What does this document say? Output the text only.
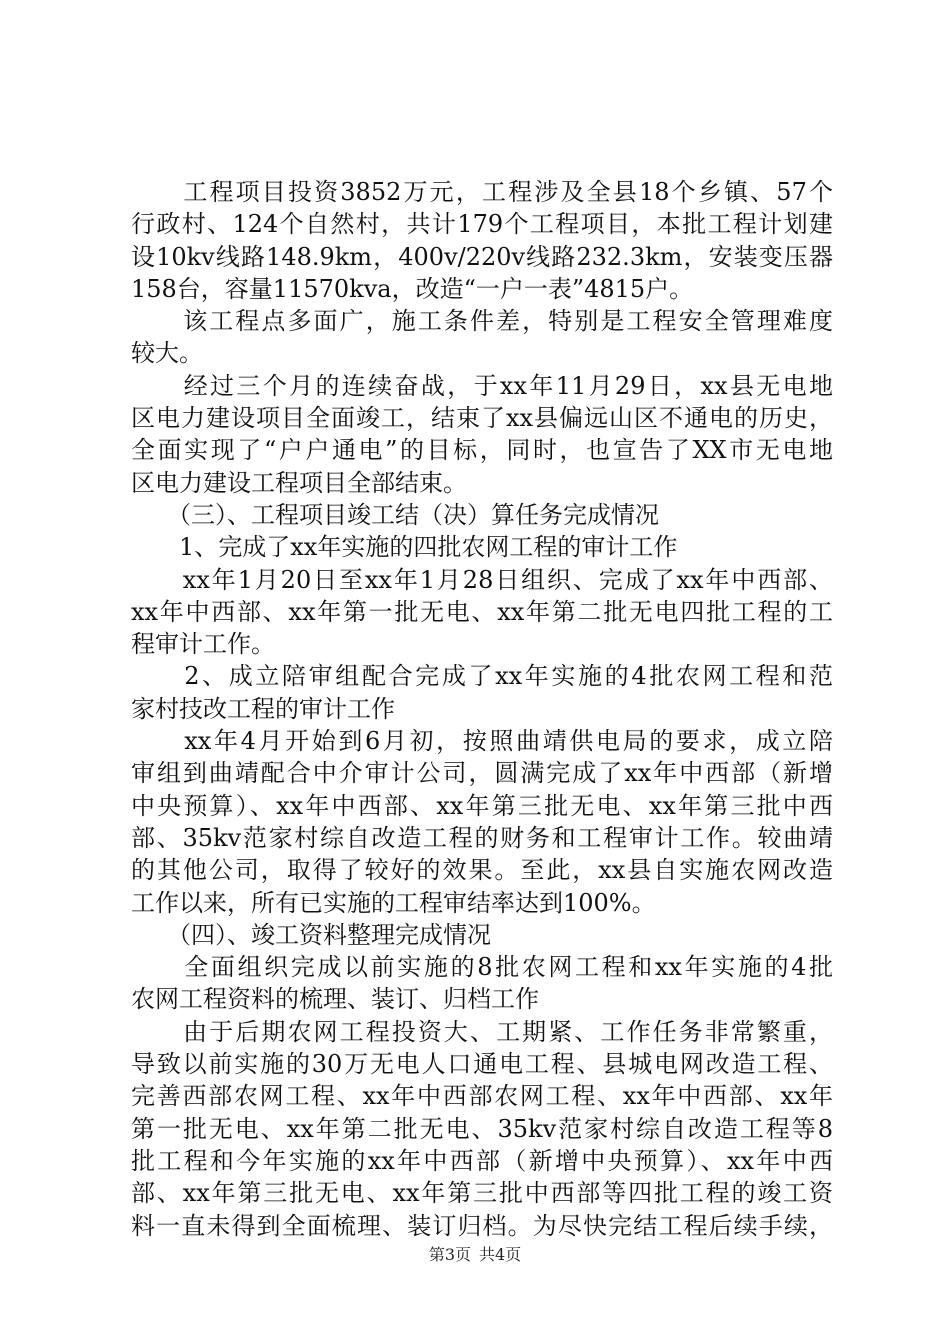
　　工程项目投资3852万元，工程涉及全县18个乡镇、57个
行政村、124个自然村，共计179个工程项目，本批工程计划建
设10kv线路148.9km，400v/220v线路232.3km，安装变压器
158台，容量11570kva，改造“一户一表”4815户。
　　该工程点多面广，施工条件差，特别是工程安全管理难度
较大。
　　经过三个月的连续奋战，于xx年11月29日，xx县无电地
区电力建设项目全面竣工，结束了xx县偏远山区不通电的历史，
全面实现了“户户通电”的目标，同时，也宣告了XX市无电地
区电力建设工程项目全部结束。
　　（三）、工程项目竣工结（决）算任务完成情况
　　1、完成了xx年实施的四批农网工程的审计工作
　　xx年1月20日至xx年1月28日组织、完成了xx年中西部、
xx年中西部、xx年第一批无电、xx年第二批无电四批工程的工
程审计工作。
　　2、成立陪审组配合完成了xx年实施的4批农网工程和范
家村技改工程的审计工作
　　xx年4月开始到6月初，按照曲靖供电局的要求，成立陪
审组到曲靖配合中介审计公司，圆满完成了xx年中西部（新增
中央预算）、xx年中西部、xx年第三批无电、xx年第三批中西
部、35kv范家村综自改造工程的财务和工程审计工作。较曲靖
的其他公司，取得了较好的效果。至此，xx县自实施农网改造
工作以来，所有已实施的工程审结率达到100%。
　　（四）、竣工资料整理完成情况
　　全面组织完成以前实施的8批农网工程和xx年实施的4批
农网工程资料的梳理、装订、归档工作
　　由于后期农网工程投资大、工期紧、工作任务非常繁重，
导致以前实施的30万无电人口通电工程、县城电网改造工程、
完善西部农网工程、xx年中西部农网工程、xx年中西部、xx年
第一批无电、xx年第二批无电、35kv范家村综自改造工程等8
批工程和今年实施的xx年中西部（新增中央预算）、xx年中西
部、xx年第三批无电、xx年第三批中西部等四批工程的竣工资
料一直未得到全面梳理、装订归档。为尽快完结工程后续手续，
第3页 共4页
